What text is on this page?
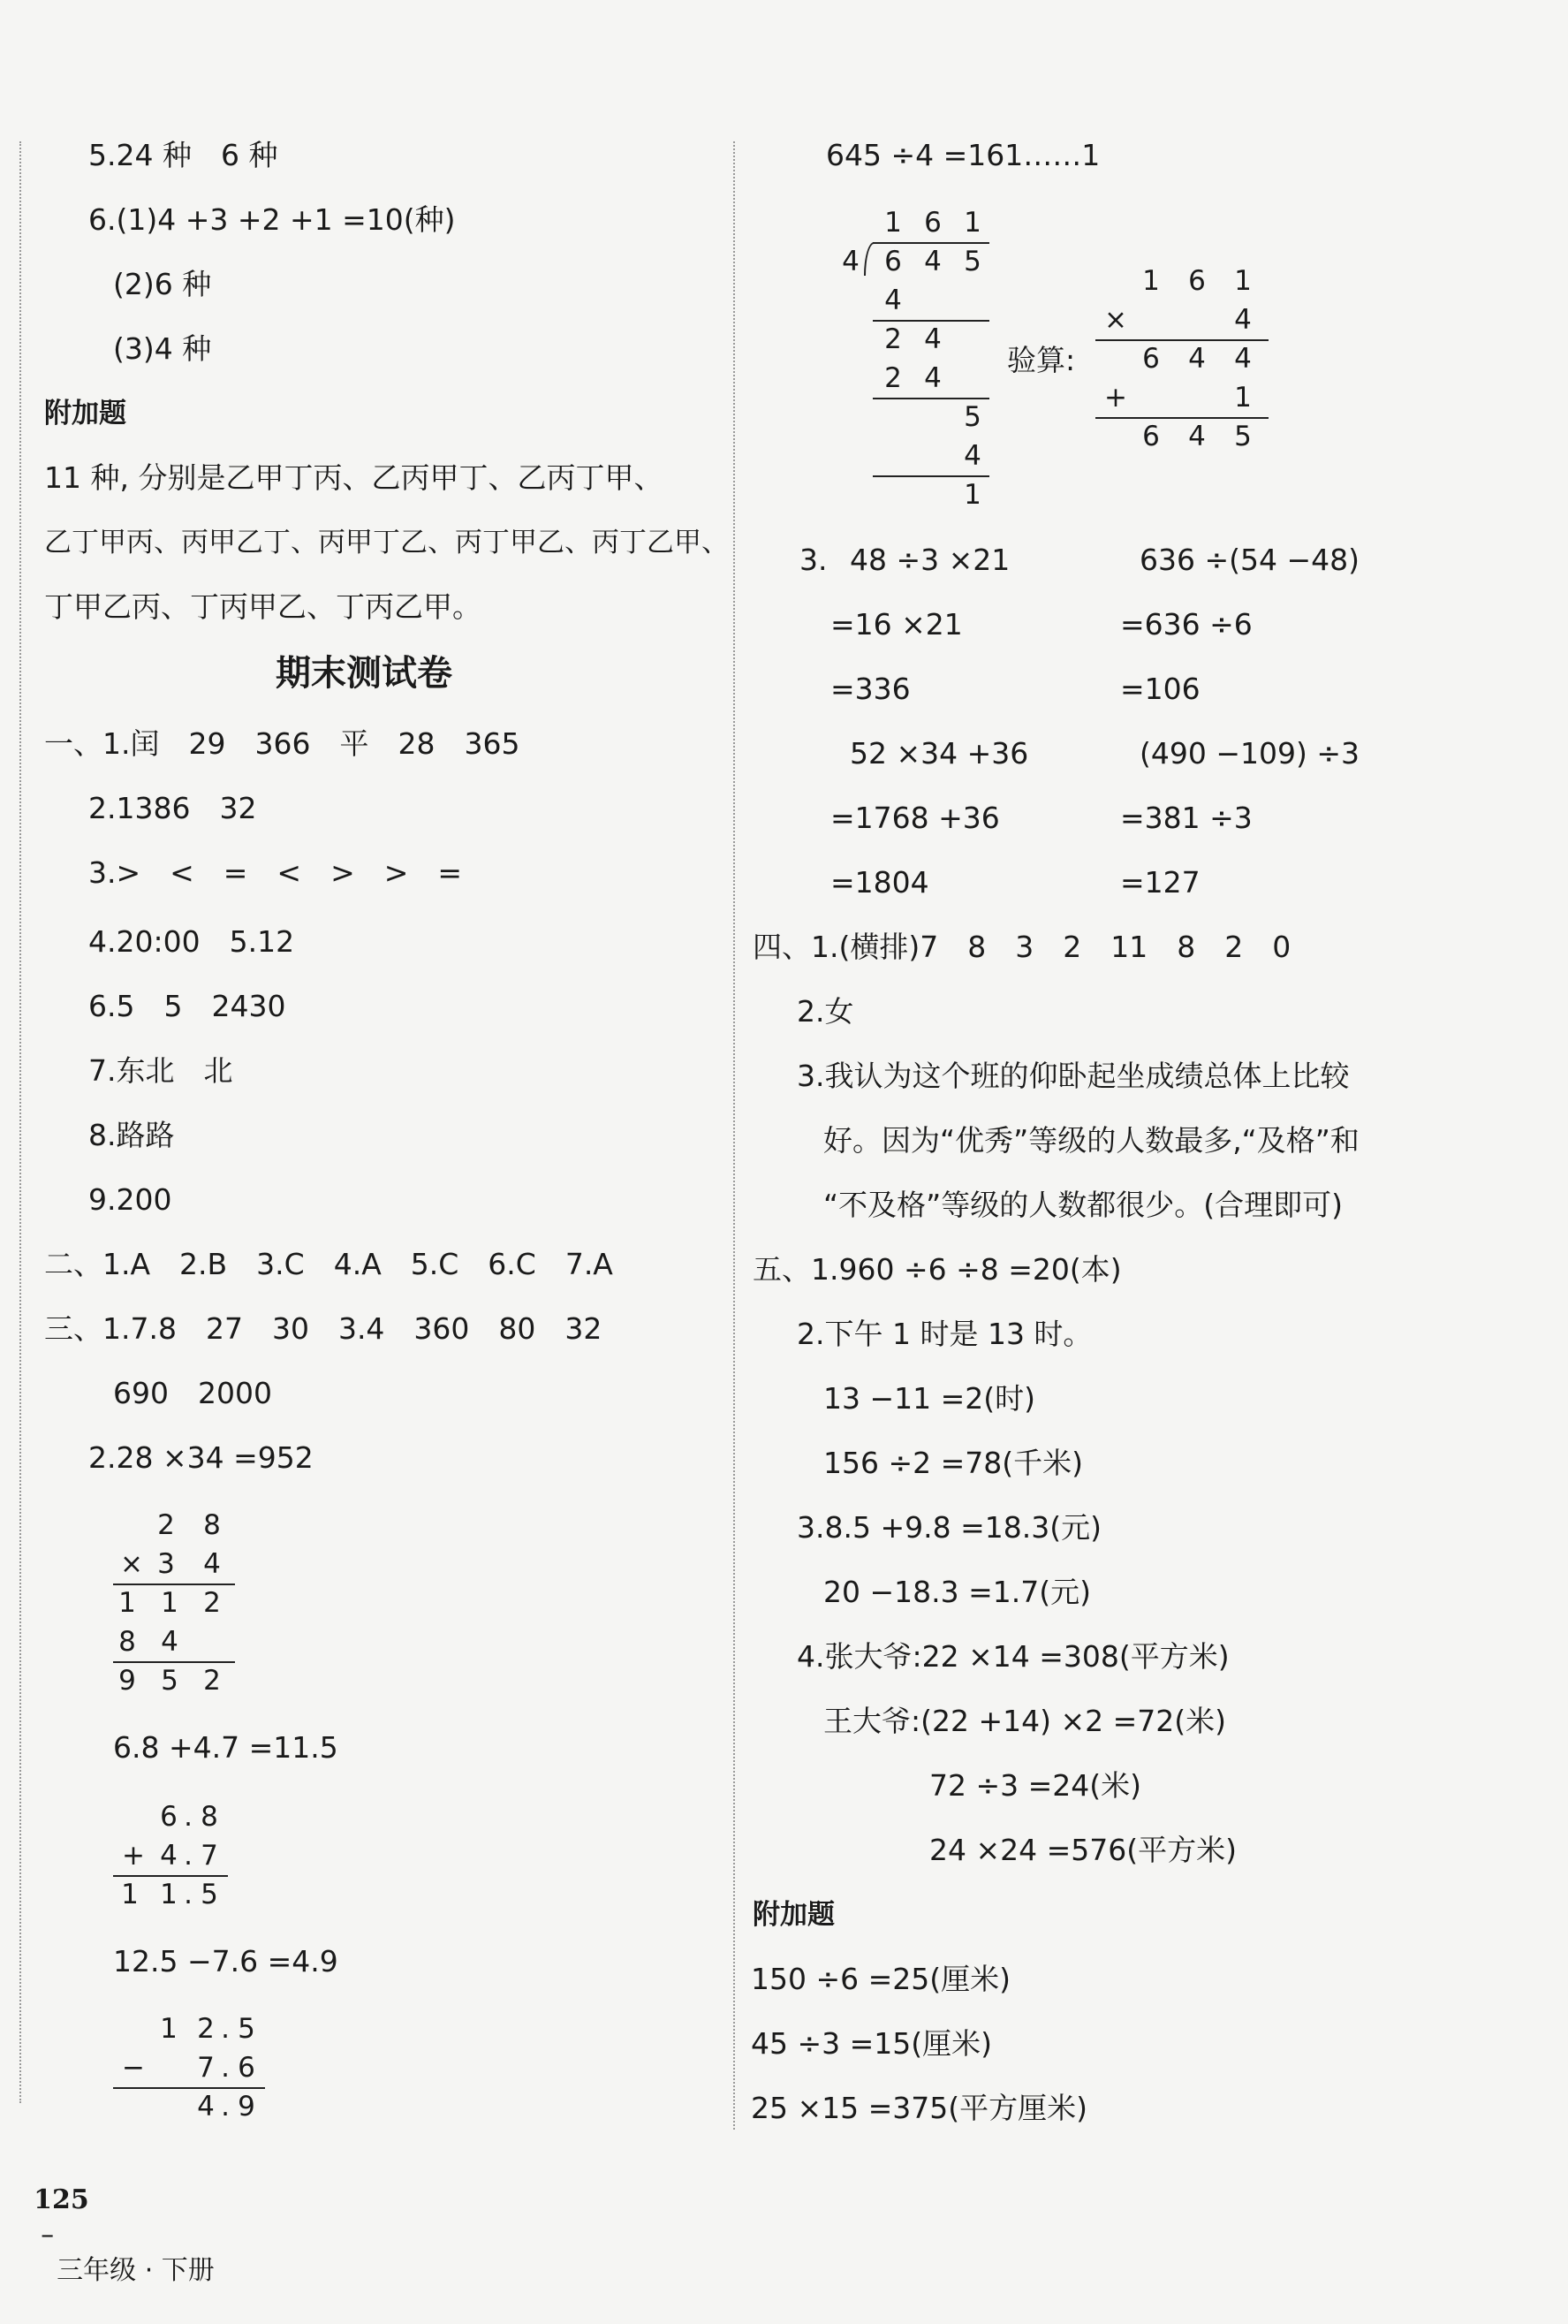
5.24 种　6 种
6.(1)4 +3 +2 +1 =10(种)
(2)6 种
(3)4 种
附加题
11 种, 分别是乙甲丁丙、乙丙甲丁、乙丙丁甲、
乙丁甲丙、丙甲乙丁、丙甲丁乙、丙丁甲乙、丙丁乙甲、
丁甲乙丙、丁丙甲乙、丁丙乙甲。
期末测试卷
一、1.闰　29　366　平　28　365
2.1386　32
3.>　<　=　<　>　>　=
4.20:00　5.12
6.5　5　2430
7.东北　北
8.路路
9.200
二、1.A　2.B　3.C　4.A　5.C　6.C　7.A
三、1.7.8　27　30　3.4　360　80　32
690　2000
2.28 ×34 =952
2 8
× 3 4
1 1 2
8 4
9 5 2
6.8 +4.7 =11.5
6 . 8
+ 4 . 7
1 1 . 5
12.5 −7.6 =4.9
1 2 . 5
− 7 . 6
4 . 9
645 ÷4 =161……1
1 6 1
4 6 4 5
4
2 4
2 4
5
4
1
验算:
1 6 1
×	4
6 4 4
+	1
6 4 5
3. 48 ÷3 ×21
=16 ×21
=336
636 ÷(54 −48)
=636 ÷6
=106
52 ×34 +36
=1768 +36
=1804
(490 −109) ÷3
=381 ÷3
=127
四、1.(横排)7　8　3　2　11　8　2　0
2.女
3.我认为这个班的仰卧起坐成绩总体上比较
好。因为“优秀”等级的人数最多,“及格”和
“不及格”等级的人数都很少。(合理即可)
五、1.960 ÷6 ÷8 =20(本)
2.下午 1 时是 13 时。
13 −11 =2(时)
156 ÷2 =78(千米)
3.8.5 +9.8 =18.3(元)
20 −18.3 =1.7(元)
4.张大爷:22 ×14 =308(平方米)
王大爷:(22 +14) ×2 =72(米)
72 ÷3 =24(米)
24 ×24 =576(平方米)
附加题
150 ÷6 =25(厘米)
45 ÷3 =15(厘米)
25 ×15 =375(平方厘米)

125
–
三年级 · 下册
